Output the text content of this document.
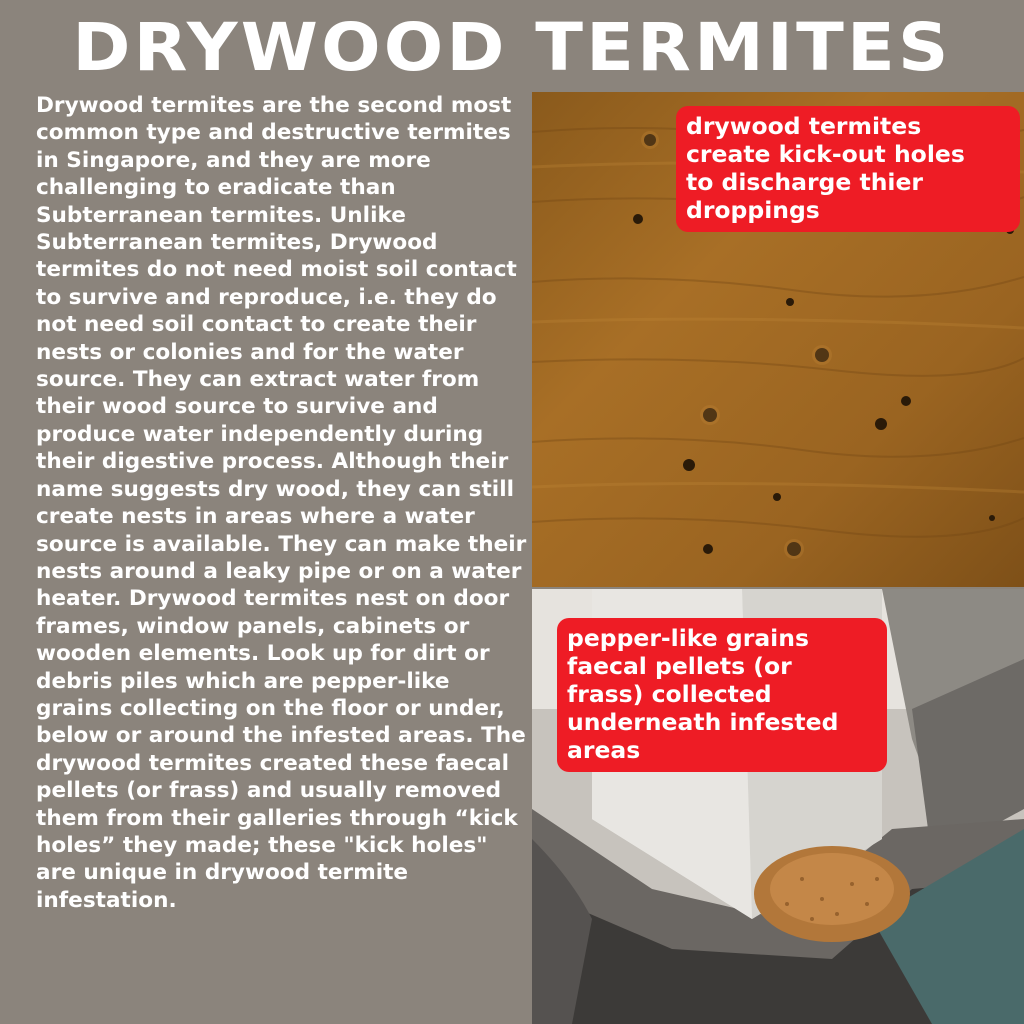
DRYWOOD TERMITES

Drywood termites are the second most common type and destructive termites in Singapore, and they are more challenging to eradicate than Subterranean termites. Unlike Subterranean termites, Drywood termites do not need moist soil contact to survive and reproduce, i.e. they do not need soil contact to create their nests or colonies and for the water source. They can extract water from their wood source to survive and produce water independently during their digestive process. Although their name suggests dry wood, they can still create nests in areas where a water source is available. They can make their nests around a leaky pipe or on a water heater. Drywood termites nest on door frames, window panels, cabinets or wooden elements. Look up for dirt or debris piles which are pepper-like grains collecting on the floor or under, below or around the infested areas. The drywood termites created these faecal pellets (or frass) and usually removed them from their galleries through “kick holes” they made; these "kick holes" are unique in drywood termite infestation.

drywood termites
create kick-out holes
to discharge thier
droppings
pepper-like grains
faecal pellets (or
frass) collected
underneath infested
areas
